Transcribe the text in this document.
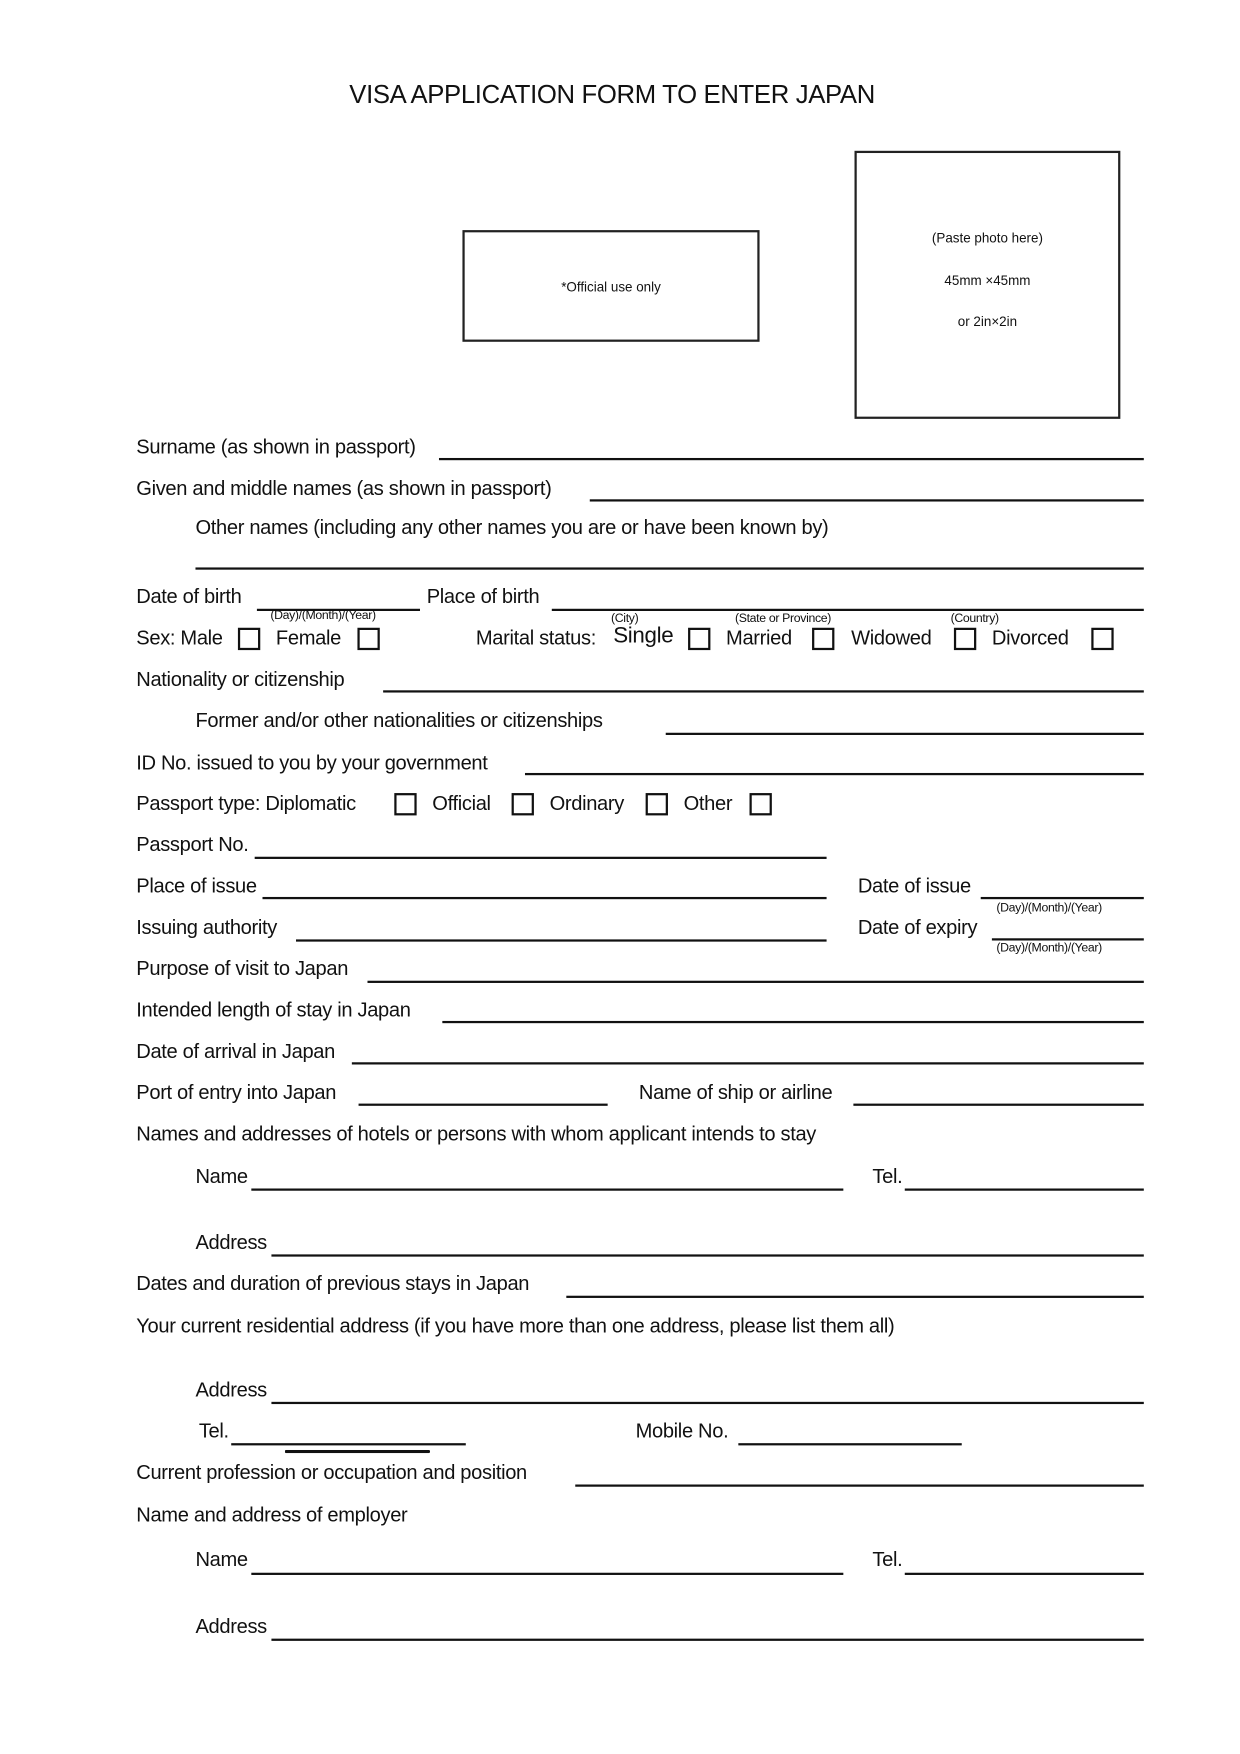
VISA APPLICATION FORM TO ENTER JAPAN
*Official use only
(Paste photo here)
45mm ×45mm
or 2in×2in
Surname (as shown in passport)
Given and middle names (as shown in passport)
Other names (including any other names you are or have been known by)
Date of birth
(Day)/(Month)/(Year)
Place of birth
(City)	(State or Province)	(Country)
Sex: Male	Female	Marital status: Single	Married	Widowed	Divorced
Nationality or citizenship
Former and/or other nationalities or citizenships
ID No. issued to you by your government
Passport type: Diplomatic	Official	Ordinary	Other
Passport No.
Place of issue	Date of issue
(Day)/(Month)/(Year)
Issuing authority	Date of expiry
(Day)/(Month)/(Year)
Purpose of visit to Japan
Intended length of stay in Japan
Date of arrival in Japan
Port of entry into Japan	Name of ship or airline
Names and addresses of hotels or persons with whom applicant intends to stay
Name	Tel.
Address
Dates and duration of previous stays in Japan
Your current residential address (if you have more than one address, please list them all)
Address
Tel.	Mobile No.
Current profession or occupation and position
Name and address of employer
Name	Tel.
Address
